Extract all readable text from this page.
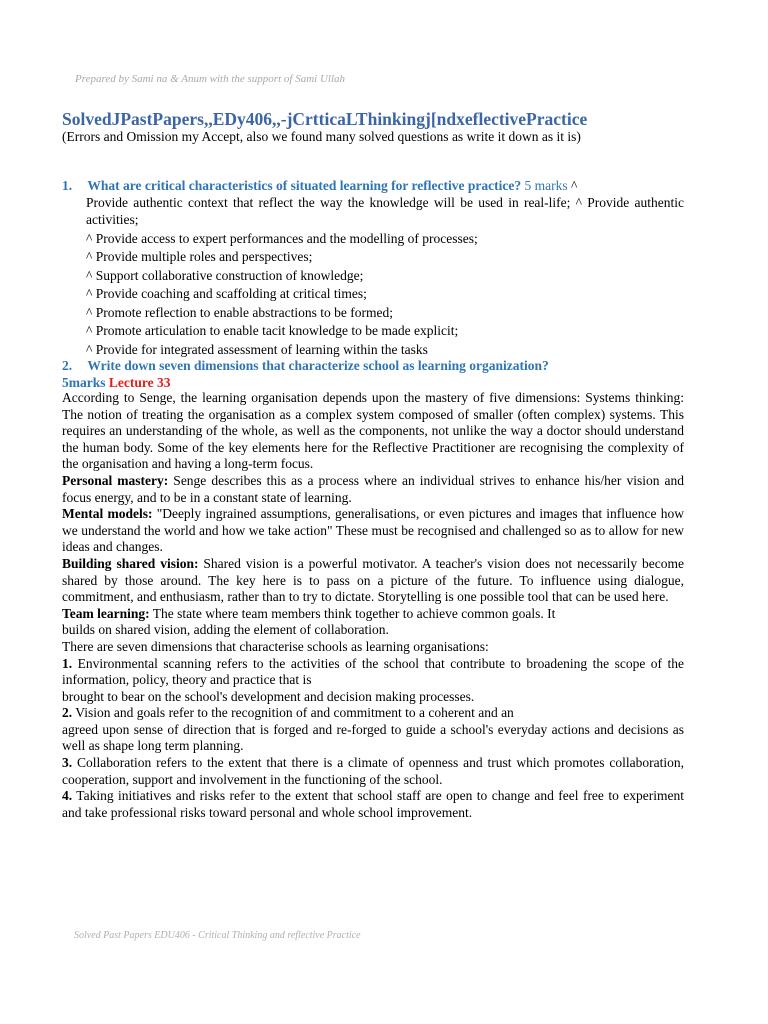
Prepared by Sami na & Anum with the support of Sami Ullah
SolvedJPastPapers,,EDy406,,-jCrtticaLThinkingj[ndxeflectivePractice
(Errors and Omission my Accept, also we found many solved questions as write it down as it is)
1. What are critical characteristics of situated learning for reflective practice? 5 marks ^
Provide authentic context that reflect the way the knowledge will be used in real-life; ^ Provide authentic activities;
^ Provide access to expert performances and the modelling of processes;
^ Provide multiple roles and perspectives;
^ Support collaborative construction of knowledge;
^ Provide coaching and scaffolding at critical times;
^ Promote reflection to enable abstractions to be formed;
^ Promote articulation to enable tacit knowledge to be made explicit;
^ Provide for integrated assessment of learning within the tasks
2. Write down seven dimensions that characterize school as learning organization?
5marks Lecture 33

According to Senge, the learning organisation depends upon the mastery of five dimensions: Systems thinking: The notion of treating the organisation as a complex system composed of smaller (often complex) systems. This requires an understanding of the whole, as well as the components, not unlike the way a doctor should understand the human body. Some of the key elements here for the Reflective Practitioner are recognising the complexity of the organisation and having a long-term focus.

Personal mastery: Senge describes this as a process where an individual strives to enhance his/her vision and focus energy, and to be in a constant state of learning.

Mental models: "Deeply ingrained assumptions, generalisations, or even pictures and images that influence how we understand the world and how we take action" These must be recognised and challenged so as to allow for new ideas and changes.

Building shared vision: Shared vision is a powerful motivator. A teacher's vision does not necessarily become shared by those around. The key here is to pass on a picture of the future. To influence using dialogue, commitment, and enthusiasm, rather than to try to dictate. Storytelling is one possible tool that can be used here.

Team learning: The state where team members think together to achieve common goals. It

builds on shared vision, adding the element of collaboration.

There are seven dimensions that characterise schools as learning organisations:

1. Environmental scanning refers to the activities of the school that contribute to broadening the scope of the information, policy, theory and practice that is

brought to bear on the school's development and decision making processes.

2. Vision and goals refer to the recognition of and commitment to a coherent and an

agreed upon sense of direction that is forged and re-forged to guide a school's everyday actions and decisions as well as shape long term planning.

3. Collaboration refers to the extent that there is a climate of openness and trust which promotes collaboration, cooperation, support and involvement in the functioning of the school.

4. Taking initiatives and risks refer to the extent that school staff are open to change and feel free to experiment and take professional risks toward personal and whole school improvement.

Solved Past Papers EDU406 - Critical Thinking and reflective Practice
